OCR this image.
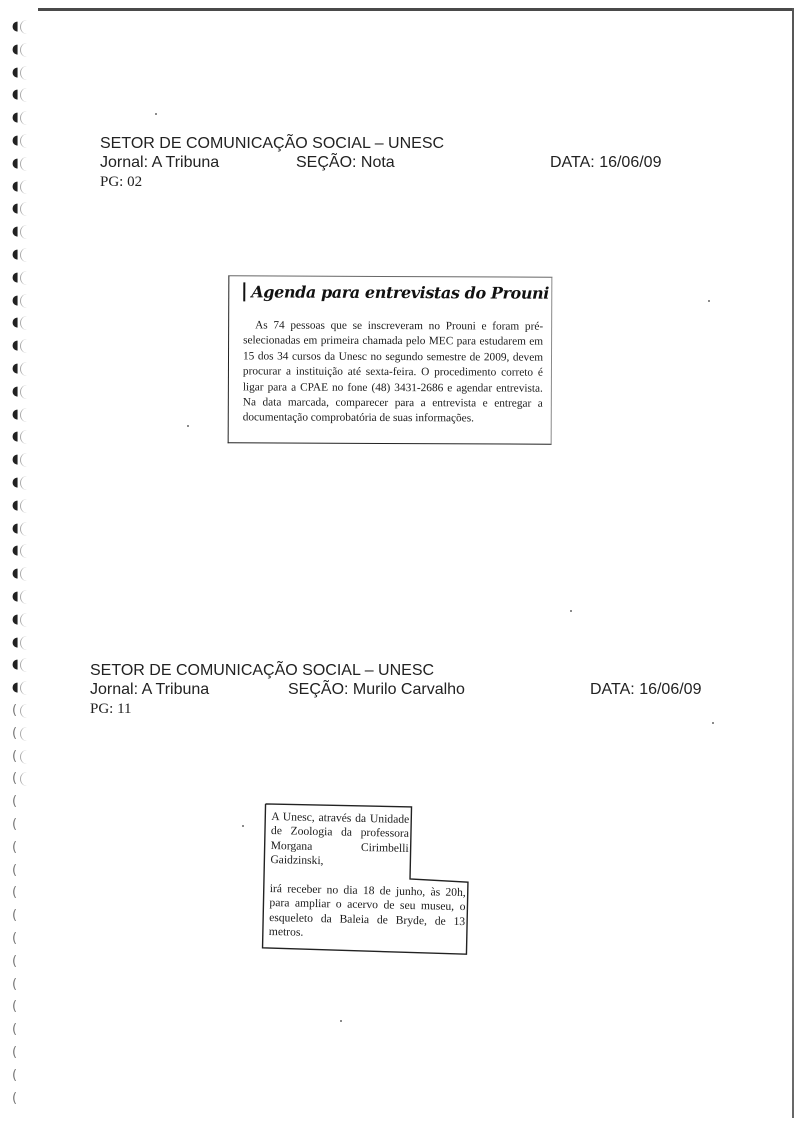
◖
◖
◖
◖
◖
◖
◖
◖
◖
◖
◖
◖
◖
◖
◖
◖
◖
◖
◖
◖
◖
◖
◖
◖
◖
◖
◖
◖
◖
◖
(
(
(
(
(
(
(
(
(
(
(
(
(
(
(
(
(
(
SETOR DE COMUNICAÇÃO SOCIAL – UNESC
Jornal: A Tribuna	SEÇÃO: Nota	DATA: 16/06/09
PG: 02
Agenda para entrevistas do Prouni
As 74 pessoas que se inscreveram no Prouni e foram pré-selecionadas em primeira chamada pelo MEC para estudarem em 15 dos 34 cursos da Unesc no segundo semestre de 2009, devem procurar a instituição até sexta-feira. O procedimento correto é ligar para a CPAE no fone (48) 3431-2686 e agendar entrevista. Na data marcada, comparecer para a entrevista e entregar a documentação comprobatória de suas informações.
SETOR DE COMUNICAÇÃO SOCIAL – UNESC
Jornal: A Tribuna	SEÇÃO: Murilo Carvalho	DATA: 16/06/09
PG: 11
A Unesc, através da Unidade de Zoologia da professora Morgana Cirimbelli Gaidzinski,
irá receber no dia 18 de junho, às 20h, para ampliar o acervo de seu museu, o esqueleto da Baleia de Bryde, de 13 metros.
